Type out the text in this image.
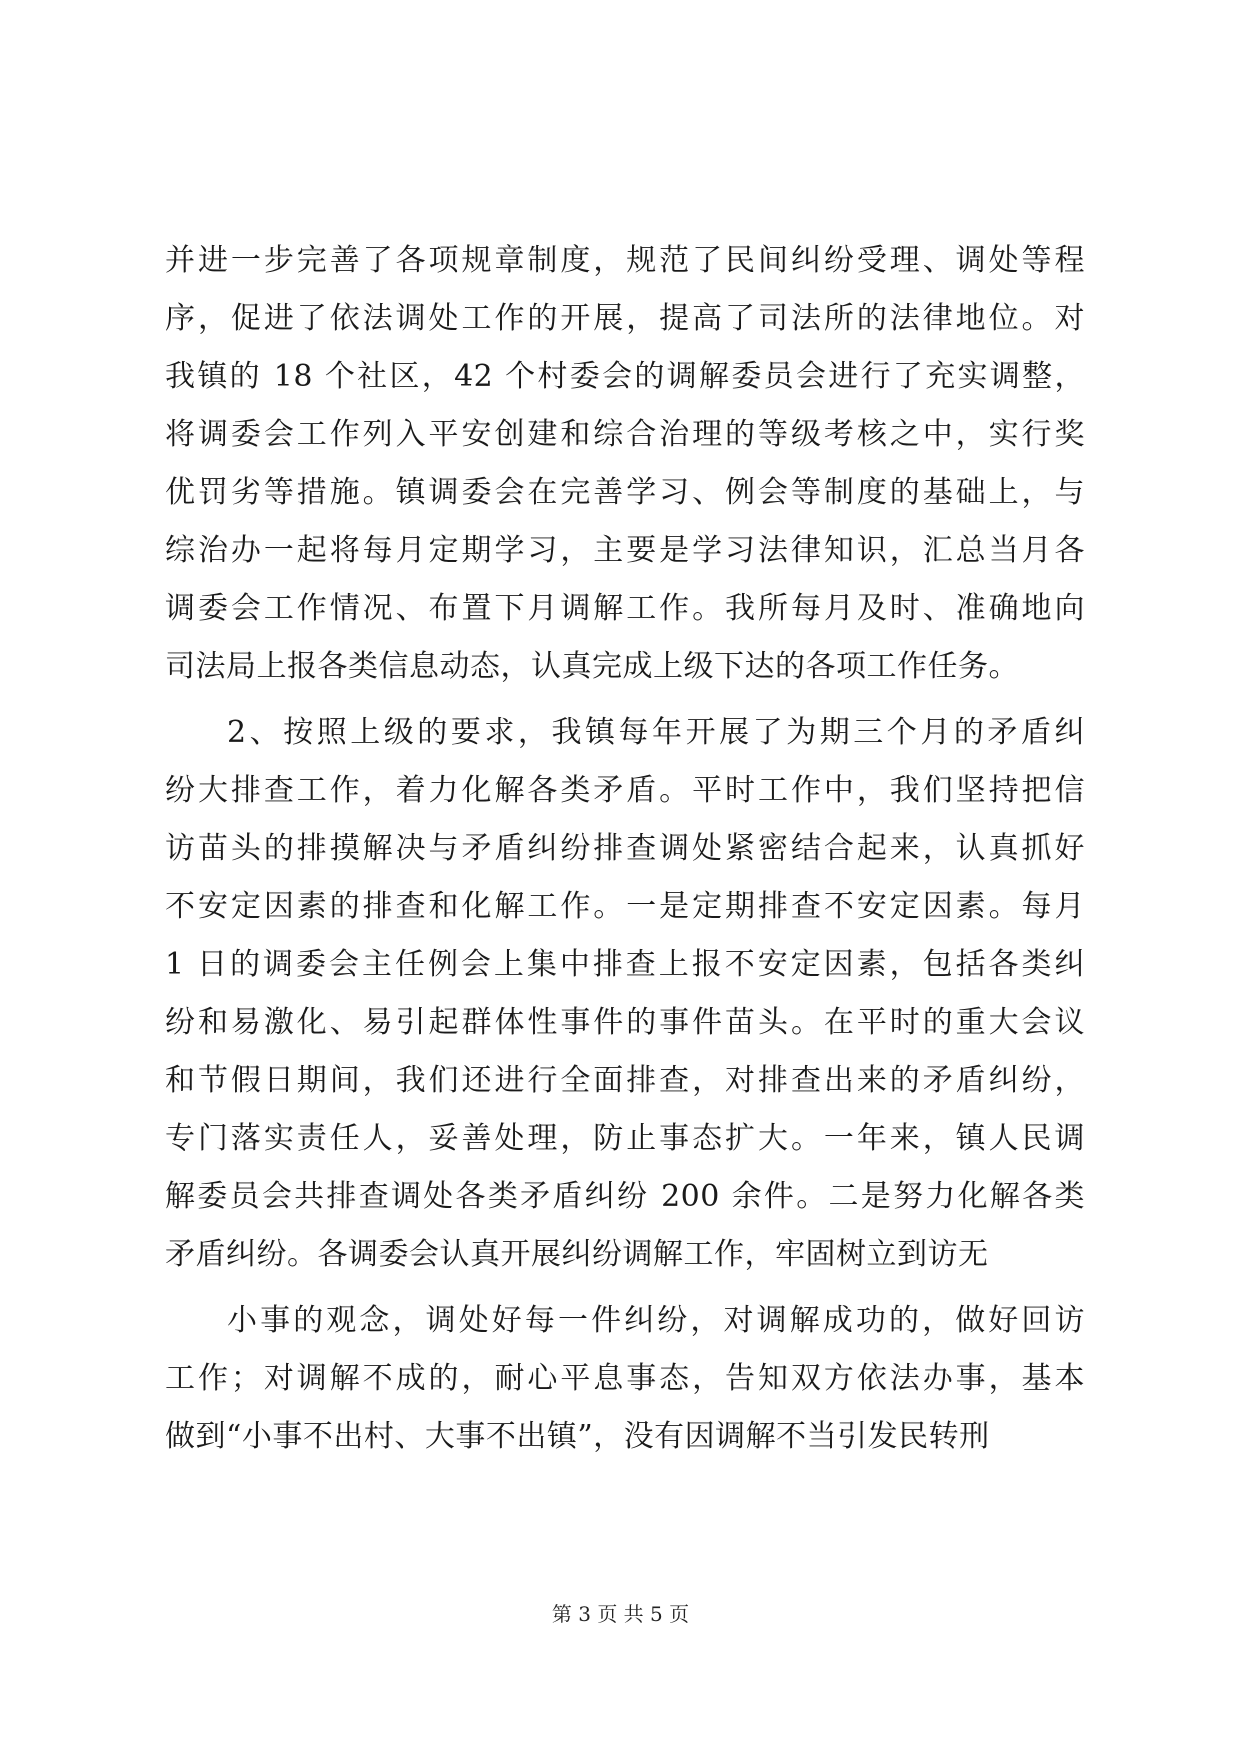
并进一步完善了各项规章制度，规范了民间纠纷受理、调处等程
序，促进了依法调处工作的开展，提高了司法所的法律地位。对
我镇的 18 个社区，42 个村委会的调解委员会进行了充实调整，
将调委会工作列入平安创建和综合治理的等级考核之中，实行奖
优罚劣等措施。镇调委会在完善学习、例会等制度的基础上，与
综治办一起将每月定期学习，主要是学习法律知识，汇总当月各
调委会工作情况、布置下月调解工作。我所每月及时、准确地向
司法局上报各类信息动态，认真完成上级下达的各项工作任务。
2、按照上级的要求，我镇每年开展了为期三个月的矛盾纠
纷大排查工作，着力化解各类矛盾。平时工作中，我们坚持把信
访苗头的排摸解决与矛盾纠纷排查调处紧密结合起来，认真抓好
不安定因素的排查和化解工作。一是定期排查不安定因素。每月
1 日的调委会主任例会上集中排查上报不安定因素，包括各类纠
纷和易激化、易引起群体性事件的事件苗头。在平时的重大会议
和节假日期间，我们还进行全面排查，对排查出来的矛盾纠纷，
专门落实责任人，妥善处理，防止事态扩大。一年来，镇人民调
解委员会共排查调处各类矛盾纠纷 200 余件。二是努力化解各类
矛盾纠纷。各调委会认真开展纠纷调解工作，牢固树立到访无
小事的观念，调处好每一件纠纷，对调解成功的，做好回访
工作；对调解不成的，耐心平息事态，告知双方依法办事，基本
做到“小事不出村、大事不出镇”，没有因调解不当引发民转刑
第 3 页 共 5 页
